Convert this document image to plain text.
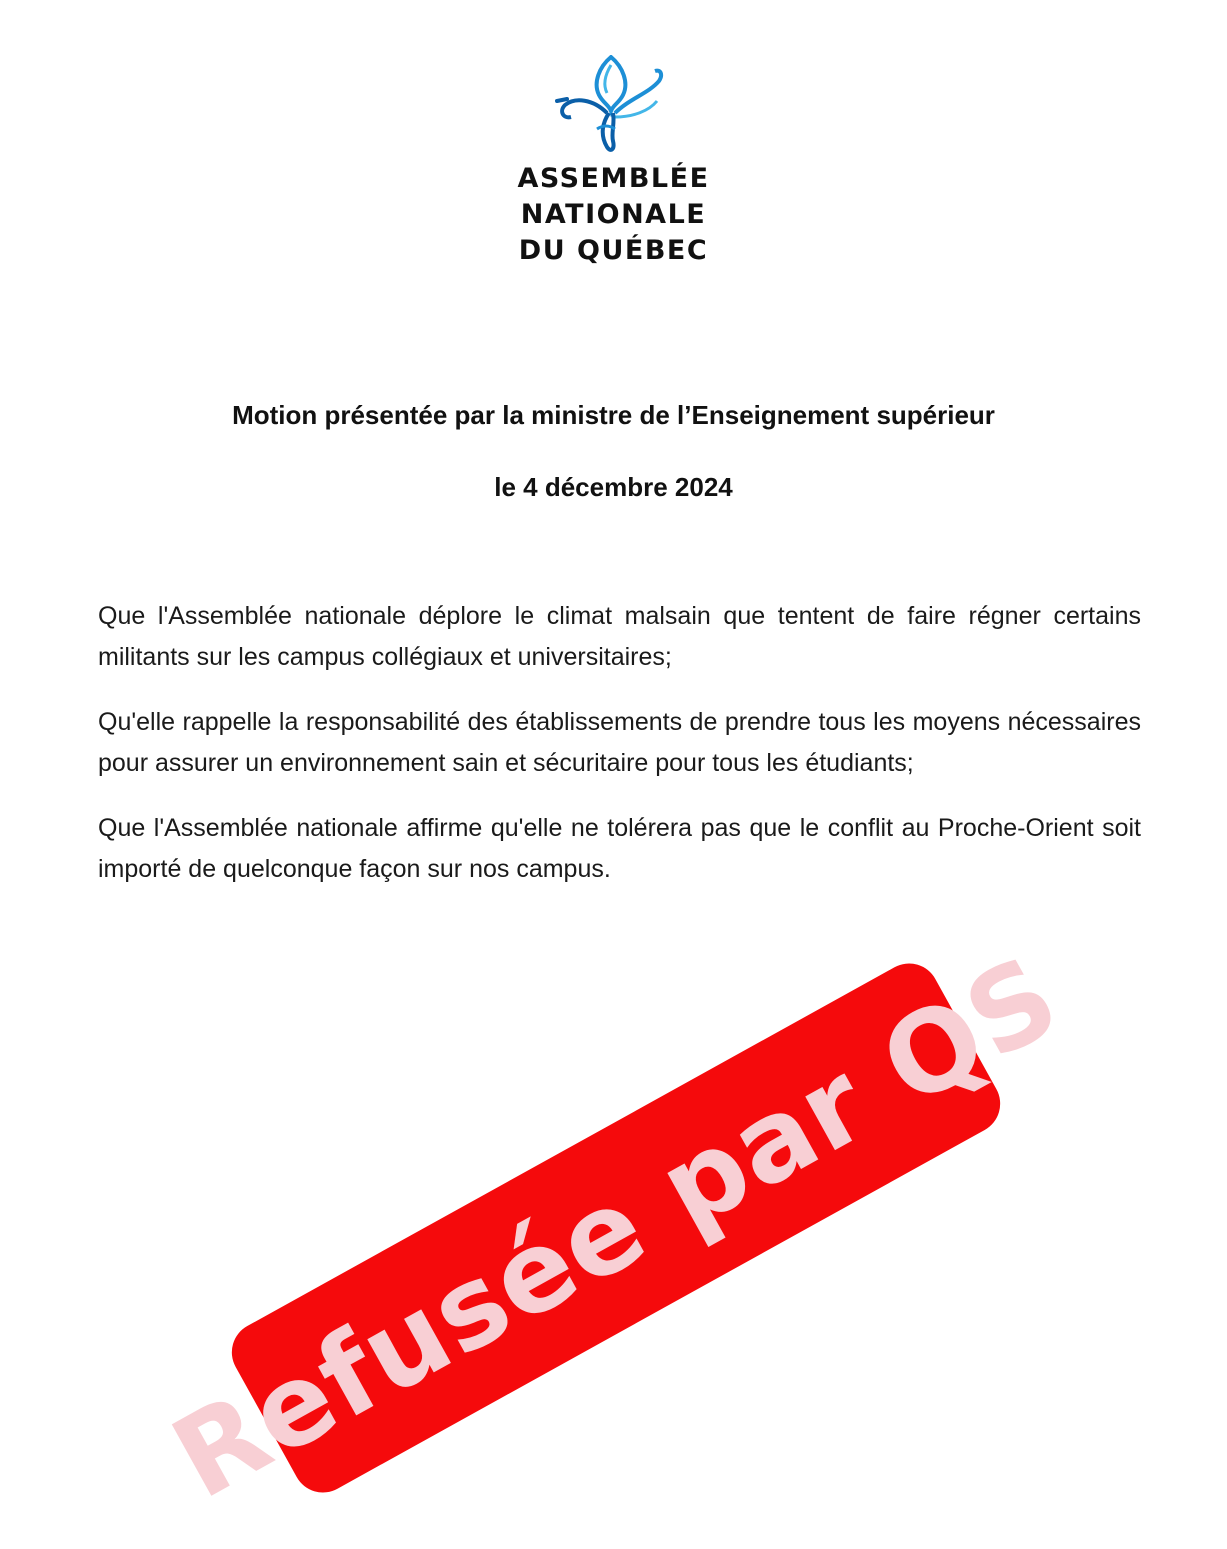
ASSEMBLÉE
NATIONALE
DU QUÉBEC
Motion présentée par la ministre de l’Enseignement supérieur
le 4 décembre 2024

Que l'Assemblée nationale déplore le climat malsain que tentent de faire régner certains militants sur les campus collégiaux et universitaires;

Qu'elle rappelle la responsabilité des établissements de prendre tous les moyens nécessaires pour assurer un environnement sain et sécuritaire pour tous les étudiants;

Que l'Assemblée nationale affirme qu'elle ne tolérera pas que le conflit au Proche-Orient soit importé de quelconque façon sur nos campus.

Refusée par QS
